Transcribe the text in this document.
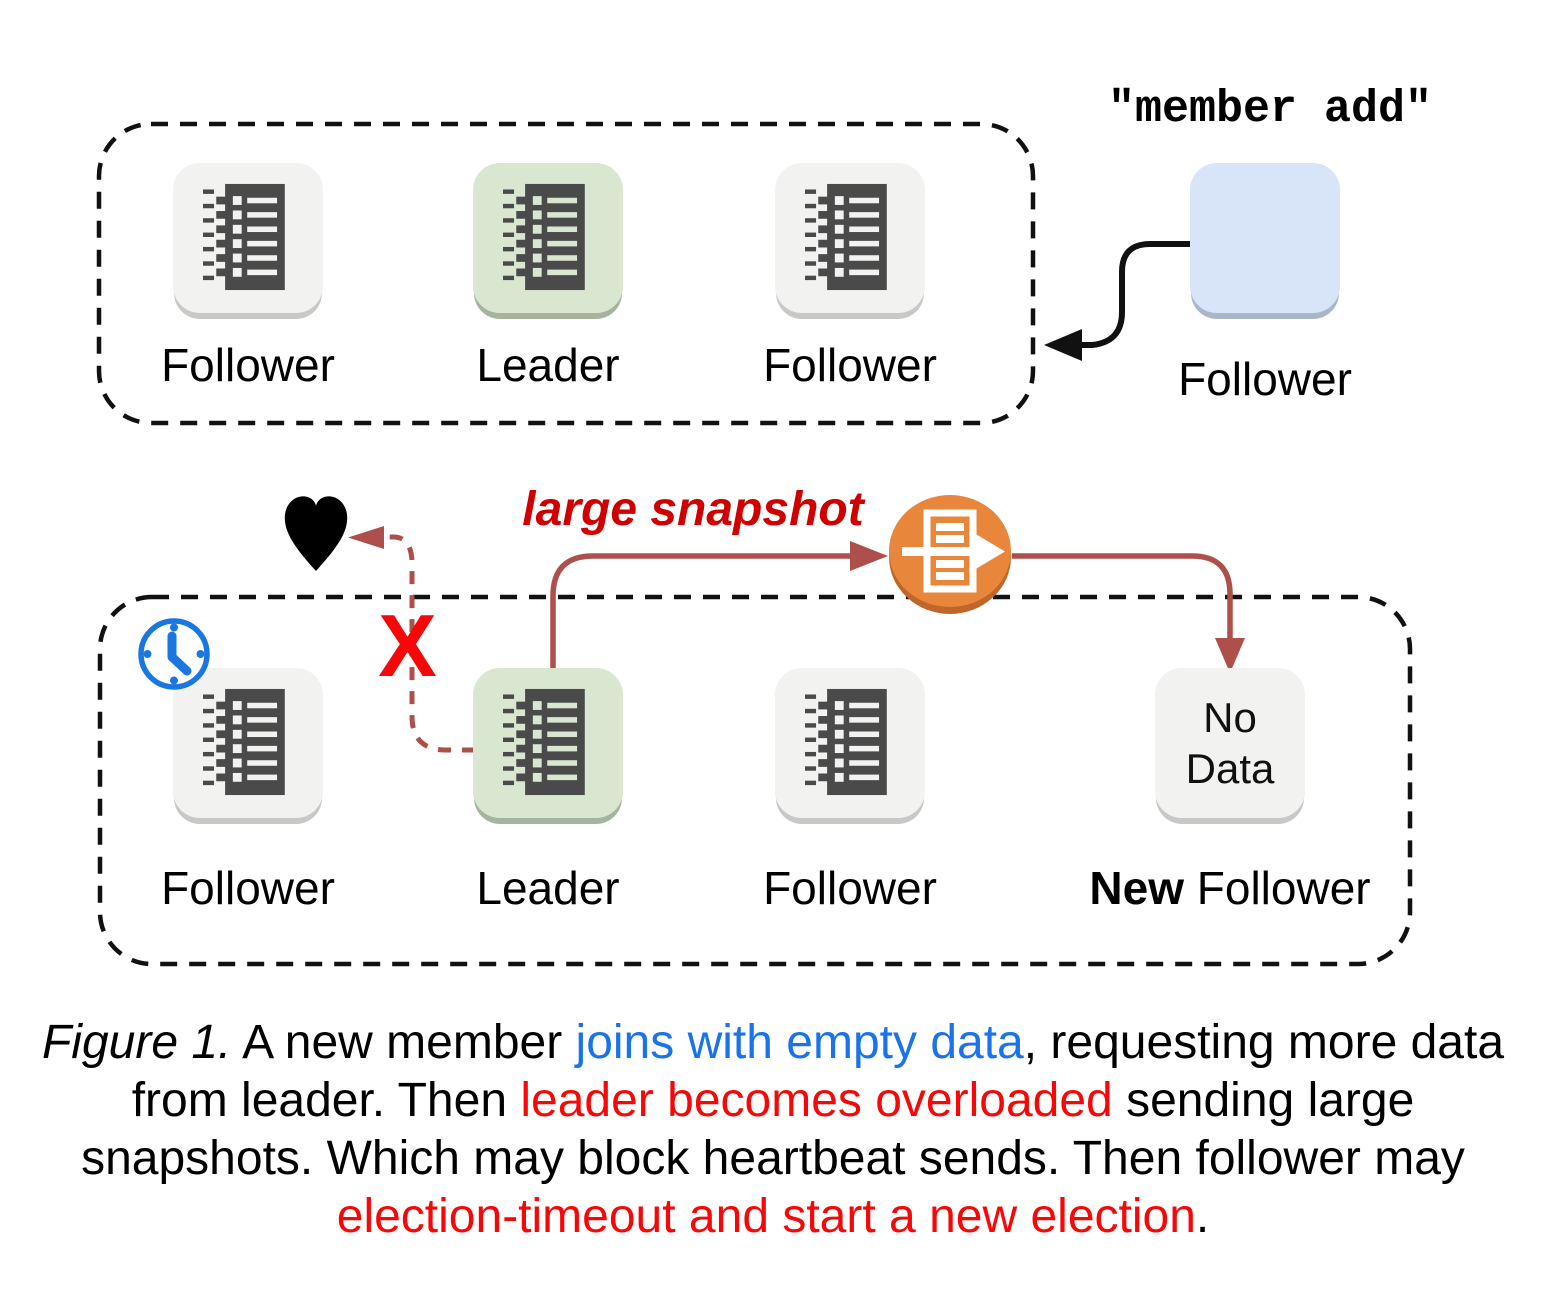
Follower	Leader	Follower
"member add"
Follower
Follower	Leader	Follower
No
Data
New Follower
X
large snapshot
Figure 1. A new member joins with empty data, requesting more data
from leader. Then leader becomes overloaded sending large
snapshots. Which may block heartbeat sends. Then follower may
election-timeout and start a new election.
